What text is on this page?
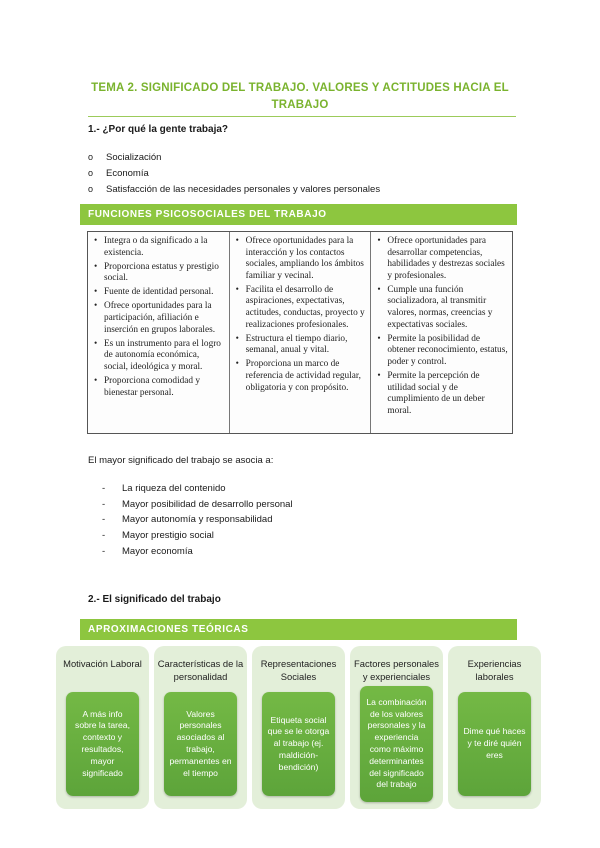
TEMA 2. SIGNIFICADO DEL TRABAJO. VALORES Y ACTITUDES HACIA EL TRABAJO
1.- ¿Por qué la gente trabaja?
o	Socialización
o	Economía
o	Satisfacción de las necesidades personales y valores personales
FUNCIONES PSICOSOCIALES DEL TRABAJO
• Integra o da significado a la existencia.
• Proporciona estatus y prestigio social.
• Fuente de identidad personal.
• Ofrece oportunidades para la participación, afiliación e inserción en grupos laborales.
• Es un instrumento para el logro de autonomía económica, social, ideológica y moral.
• Proporciona comodidad y bienestar personal.
• Ofrece oportunidades para la interacción y los contactos sociales, ampliando los ámbitos familiar y vecinal.
• Facilita el desarrollo de aspiraciones, expectativas, actitudes, conductas, proyecto y realizaciones profesionales.
• Estructura el tiempo diario, semanal, anual y vital.
• Proporciona un marco de referencia de actividad regular, obligatoria y con propósito.
• Ofrece oportunidades para desarrollar competencias, habilidades y destrezas sociales y profesionales.
• Cumple una función socializadora, al transmitir valores, normas, creencias y expectativas sociales.
• Permite la posibilidad de obtener reconocimiento, estatus, poder y control.
• Permite la percepción de utilidad social y de cumplimiento de un deber moral.
El mayor significado del trabajo se asocia a:
-	La riqueza del contenido
-	Mayor posibilidad de desarrollo personal
-	Mayor autonomía y responsabilidad
-	Mayor prestigio social
-	Mayor economía
2.- El significado del trabajo
APROXIMACIONES TEÓRICAS
Motivación Laboral
A más info sobre la tarea, contexto y resultados, mayor significado
Características de la personalidad
Valores personales asociados al trabajo, permanentes en el tiempo
Representaciones Sociales
Etiqueta social que se le otorga al trabajo (ej. maldición-bendición)
Factores personales y experienciales
La combinación de los valores personales y la experiencia como máximo determinantes del significado del trabajo
Experiencias laborales
Dime qué haces y te diré quién eres
